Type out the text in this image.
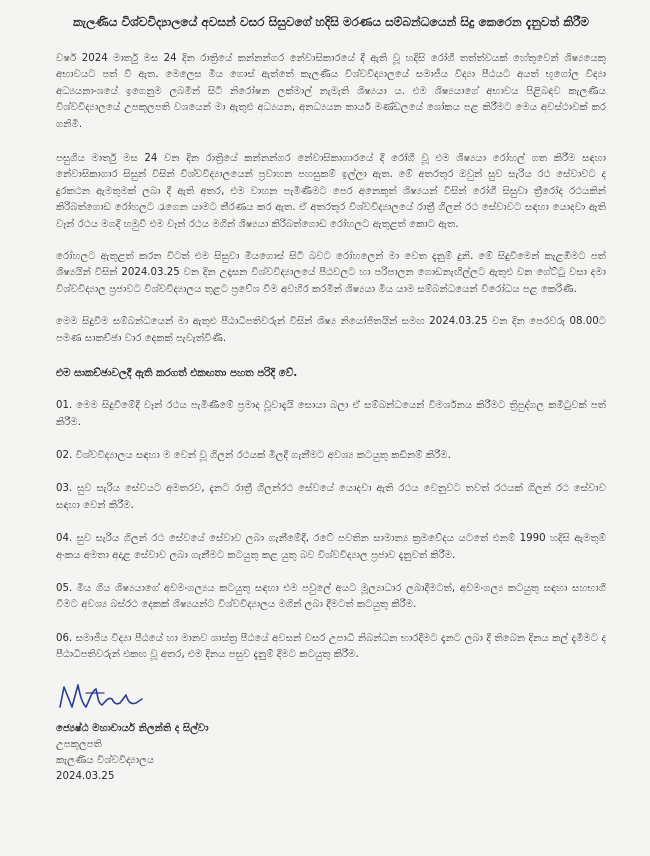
කැලණිය විශ්වවිද්‍යාලයේ අවසන් වසර සිසුවගේ හදිසි මරණය සම්බන්ධයෙන් සිදු කෙරෙන දැනුවත් කිරීම
වර්ෂ 2024 මාර්තු මස 24 දින රාත්‍රියේ කන්නන්ගර නේවාසිකාරයේ දී ඇති වූ හදිසි රෝගී තත්ත්වයක් හේතුවෙන් ශිෂ්‍යයෙකු අභාවයට පත් වී ඇත. මෙලෙස මිය ගොස් ඇත්තේ කැලණිය විශ්වවිද්‍යාලයේ සමාජීය විද්‍යා පීඨයට අයත් භූගෝල විද්‍යා අධ්‍යයනාංශයේ ඉගෙනුම ලබමින් සිටි නිරෝෂන ලක්මාල් නැමැති ශිෂ්‍යයා ය. එම ශිෂ්‍යයාගේ අභාවය පිළිබඳව කැලණිය විශ්වවිද්‍යාලයේ උපකුලපති වශයෙන් මා ඇතුළු අධ්‍යයන, අනධ්‍යයන කාර්ය මණ්ඩලයේ ශෝකය පළ කිරීමට මෙය අවස්ථාවක් කර ගනිමි.
පසුගිය මාර්තු මස 24 වන දින රාත්‍රියේ කන්නන්ගර නේවාසිකාගාරයේ දී රෝගී වූ එම ශිෂ්‍යයා රෝහල් ගත කිරීම සඳහා නේවාසිකාගාර සිසුන් විසින් විශ්වවිද්‍යාලයෙන් ප්‍රවාහන පහසුකම් ඉල්ලා ඇත. මේ අතරතුර ඔවුන් සුව සැරිය රථ සේවාවට ද දුරකථන ඇමතුමක් ලබා දී ඇති අතර, එම වාහන පැමිණීමට පෙර අනෙකුත් ශිෂ්‍යයන් විසින් රෝගී සිසුවා ත්‍රීරෝද රථයකින් කිරිබත්ගොඩ රෝහලට රැගෙන යාමට තීරණය කර ඇත. ඒ අතරතුර විශ්වවිද්‍යාලයේ රාත්‍රී ගිලන් රථ සේවාවට සඳහා යොදවා ඇති වෑන් රථය මගදී හමුවී එම වෑන් රථය මගින් ශිෂ්‍යයා කිරිබත්ගොඩ රෝහලට ඇතුළත් කොට ඇත.
රෝහලට ඇතුළත් කරන විටත් එම සිසුවා මියගොස් සිටි බවට රෝහලෙන් මා වෙත දැනුම් දුනි. මේ සිදුවීමෙන් කැළඹීමට පත් ශිෂ්‍යයින් විසින් 2024.03.25 වන දින උදෑසන විශ්වවිද්‍යාලයේ පීඨවලට හා පරිපාලන ගොඩනැඟිල්ලට ඇතුළු වන ගේට්ටු වසා දමා විශ්වවිද්‍යාල ප්‍රජාවට විශ්වවිද්‍යාලය තුළට ප්‍රවේශ වීම අවහිර කරමින් ශිෂ්‍යයා මිය යාම සම්බන්ධයෙන් විරෝධය පළ කෙරිණි.
මෙම සිදුවීම සම්බන්ධයෙන් මා ඇතුළු පීඨාධිපතිවරුන් විසින් ශිෂ්‍ය නියෝජිතයින් සමඟ 2024.03.25 වන දින පෙරවරු 08.00ට පමණ සාකච්ඡා වාර දෙකක් පැවැත්විණි.
එම සාකච්ඡාවලදී ඇති කරගත් එකඟතා පහත පරිදි වේ.
01. මෙම සිදුවීමේදී වෑන් රථය පැමිණීමේ ප්‍රමාද වූවාදැයි සොයා බලා ඒ සම්බන්ධයෙන් විමර්ශනය කිරීමට ත්‍රිපුද්ගල කමිටුවක් පත් කිරීම.
02. විශ්වවිද්‍යාලය සඳහා ම වෙන් වූ ගිලන් රථයක් මිලදී ගැනීමට අවශ්‍ය කටයුතු කඩිනම් කිරීම.
03. සුව සැරිය සේවයට අමතරව, දැනට රාත්‍රී ගිලන්රථ සේවයේ යොදවා ඇති රථය වෙනුවට තවත් රථයක් ගිලන් රථ සේවාව සඳහා වෙන් කිරීම.
04. සුව සැරිය ගිලන් රථ සේවයේ සේවාව ලබා ගැනීමේදී, රටේ පවතින සාමාන්‍ය ක්‍රමවේදය යටතේ එනම් 1990 හදිසි ඇමතුම් අංකය අමතා අදාළ සේවාව ලබා ගැනීමට කටයුතු කළ යුතු බව විශ්වවිද්‍යාල ප්‍රජාව දැනුවත් කිරීම.
05. මිය ගිය ශිෂ්‍යයාගේ අවමංගල්‍යය කටයුතු සඳහා එම පවුලේ අයට මූල්‍යාධාර ලබාදීමටත්, අවමංගල්‍ය කටයුතු සඳහා සහභාගී වීමට අවශ්‍ය බස්රථ දෙකක් ශිෂ්‍යයන්ට විශ්වවිද්‍යාලය මගින් ලබා දීමටත් කටයුතු කිරීම.
06. සමාජීය විද්‍යා පීඨයේ හා මානව ශාස්ත්‍ර පීඨයේ අවසන් වසර උපාධි නිබන්ධන භාරදීමට දැනට ලබා දී තිබෙන දිනය කල් දැමීමට ද පීඨාධිපතිවරුන් එකඟ වූ අතර, එම දිනය පසුව දැනුම් දීමට කටයුතු කිරීම.
ජ්‍යෙෂ්ඨ මහාචාර්ය නිලන්ති ද සිල්වා
උපකුලපති
කැලණිය විශ්වවිද්‍යාලය
2024.03.25
